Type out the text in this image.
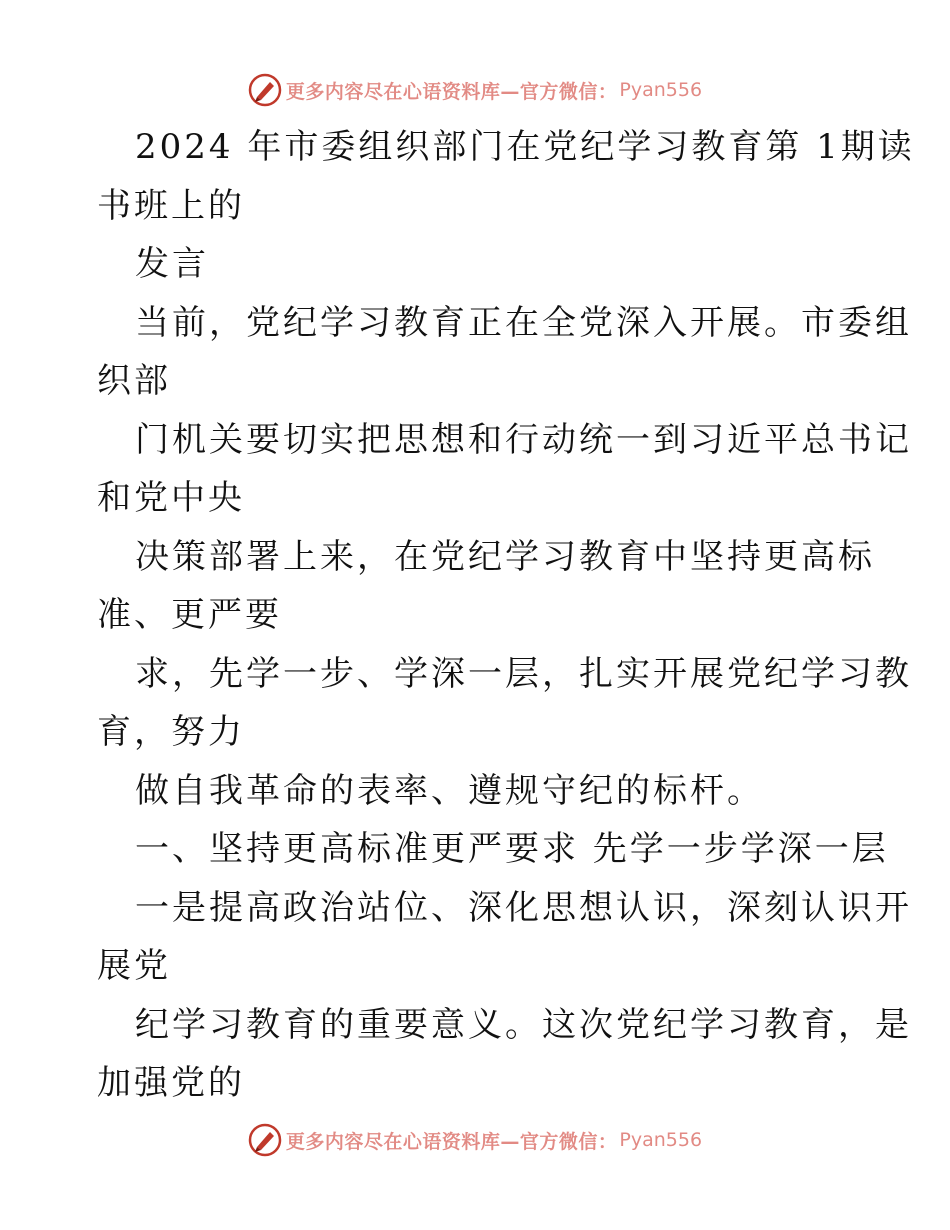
更多内容尽在心语资料库—官方微信： Pyan556
2024 年市委组织部门在党纪学习教育第 1期读
书班上的
发言
当前，党纪学习教育正在全党深入开展。市委组
织部
门机关要切实把思想和行动统一到习近平总书记
和党中央
决策部署上来，在党纪学习教育中坚持更高标
准、更严要
求，先学一步、学深一层，扎实开展党纪学习教
育，努力
做自我革命的表率、遵规守纪的标杆。
一、坚持更高标准更严要求 先学一步学深一层
一是提高政治站位、深化思想认识，深刻认识开
展党
纪学习教育的重要意义。这次党纪学习教育，是
加强党的
更多内容尽在心语资料库—官方微信： Pyan556
